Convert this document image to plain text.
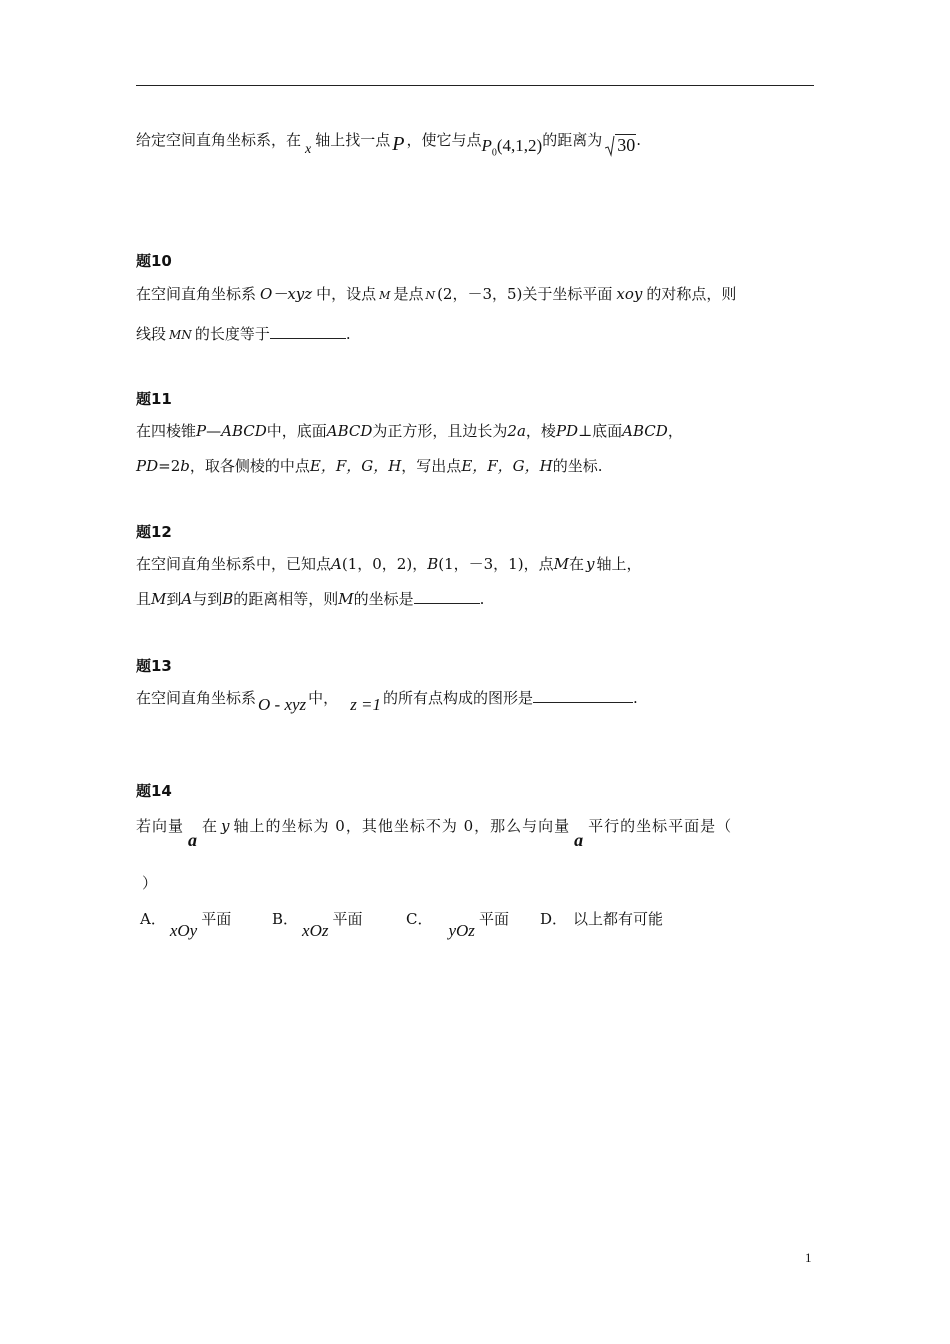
给定空间直角坐标系，在x轴上找一点 P ，使它与点$P_0(4,1,2)$的距离为 30.
题10
在空间直角坐标系 O－xyz 中，设点 M 是点 N (2，－3，5)关于坐标平面 xoy 的对称点，则
线段 MN 的长度等于	.
题11
在四棱锥P—ABCD中，底面ABCD为正方形，且边长为2a，棱PD⊥底面ABCD，
PD=2b，取各侧棱的中点E，F，G，H，写出点E，F，G，H的坐标.
题12
在空间直角坐标系中，已知点A(1，0，2)，B(1，－3，1)，点M在 y 轴上，
且M到A与到B的距离相等，则M的坐标是	.
题13
在空间直角坐标系 O - xyz 中， z =1 的所有点构成的图形是	.
题14
若向量a在 y 轴上的坐标为 0，其他坐标不为 0，那么与向量a平行的坐标平面是（
）
A．xOy平面	B．xOz平面	C．yOz平面 D． 以上都有可能
1
